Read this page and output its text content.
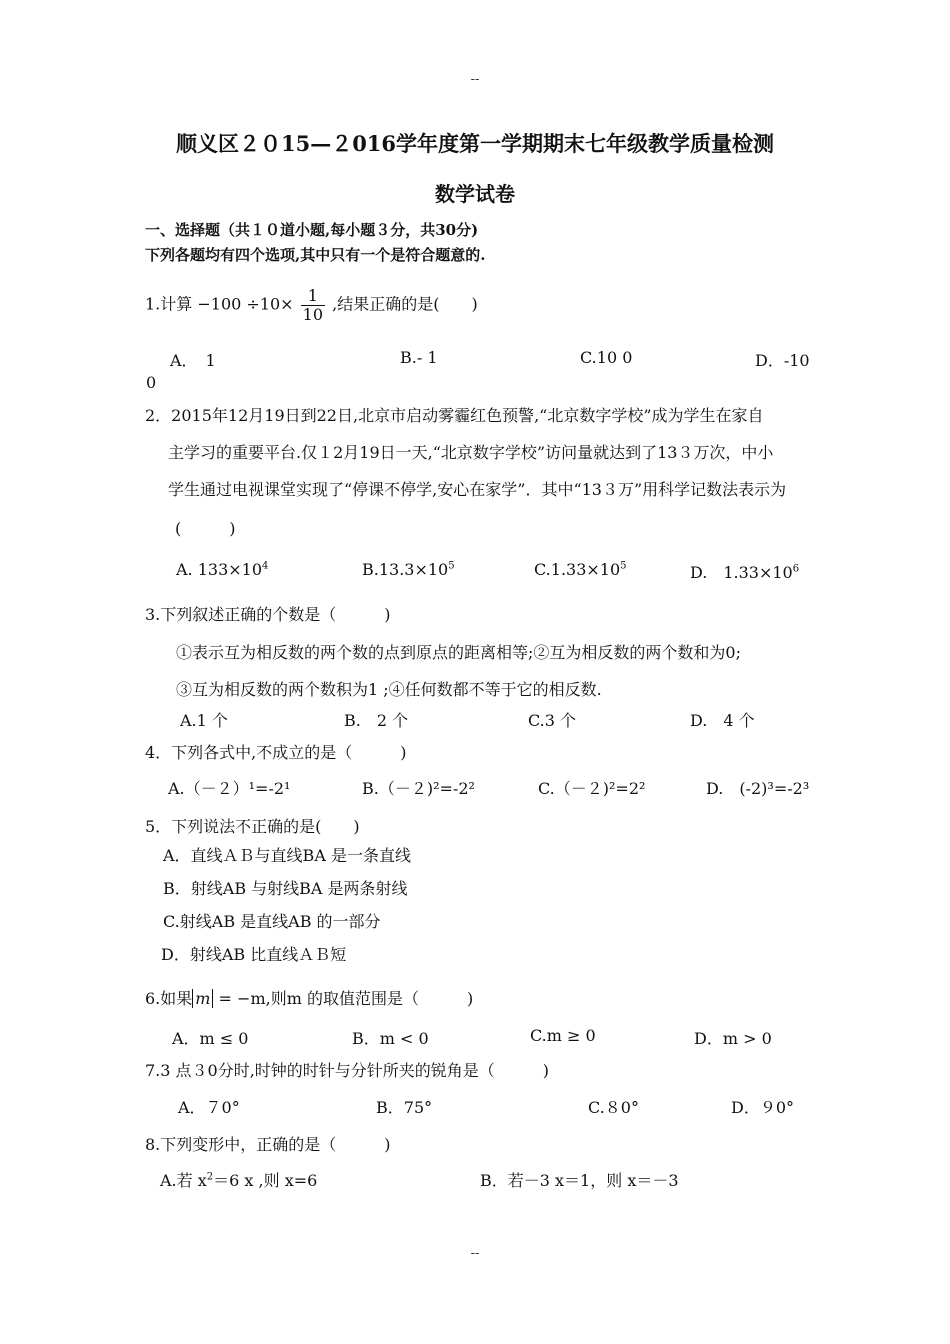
--
顺义区２０15—２016学年度第一学期期末七年级教学质量检测
数学试卷
一、选择题（共１０道小题,每小题３分，共30分)
下列各题均有四个选项,其中只有一个是符合题意的.
1.计算 $-100 \div 10\times \frac{1}{10}$ ,结果正确的是(　　)
A．　1	B.- 1	C.10 0	D．-10
0
2．2015年12月19日到22日,北京市启动雾霾红色预警,“北京数字学校”成为学生在家自
主学习的重要平台.仅１2月19日一天,“北京数字学校”访问量就达到了13３万次，中小
学生通过电视课堂实现了“停课不停学,安心在家学”．其中“13３万”用科学记数法表示为
(　　　)
A. $133\times 10^4$	$B.13.3\times 10^5$	$C.1.33\times 10^5$	D.　$1.33\times 10^6$
3.下列叙述正确的个数是（　　　)
①表示互为相反数的两个数的点到原点的距离相等;②互为相反数的两个数和为0;
③互为相反数的两个数积为1 ;④任何数都不等于它的相反数.
A.1 个	B.　2 个	C.3 个	D.　4 个
4．下列各式中,不成立的是（　　　)
A.（－２）¹=-2¹	B.（－２)²=-2²	C.（－２)²=2²	D.　(-2)³=-2³
5．下列说法不正确的是(　　)
A．直线ＡＢ与直线BA 是一条直线
B．射线AB 与射线BA 是两条射线
C.射线AB 是直线AB 的一部分
D．射线AB 比直线ＡＢ短
6.如果 m = −m,则m 的取值范围是（　　　)
A．m ≤ 0	B．m < 0	C.m ≥ 0	D．m > 0
7.3 点３0分时,时钟的时针与分针所夹的锐角是（　　　)
A．７0°	B．75°	C.８0°	D．９0°
8.下列变形中，正确的是（　　　)
A.若 $x^2=6$ x ,则 x=6	B．若－3 x＝1，则 x＝－3
--
